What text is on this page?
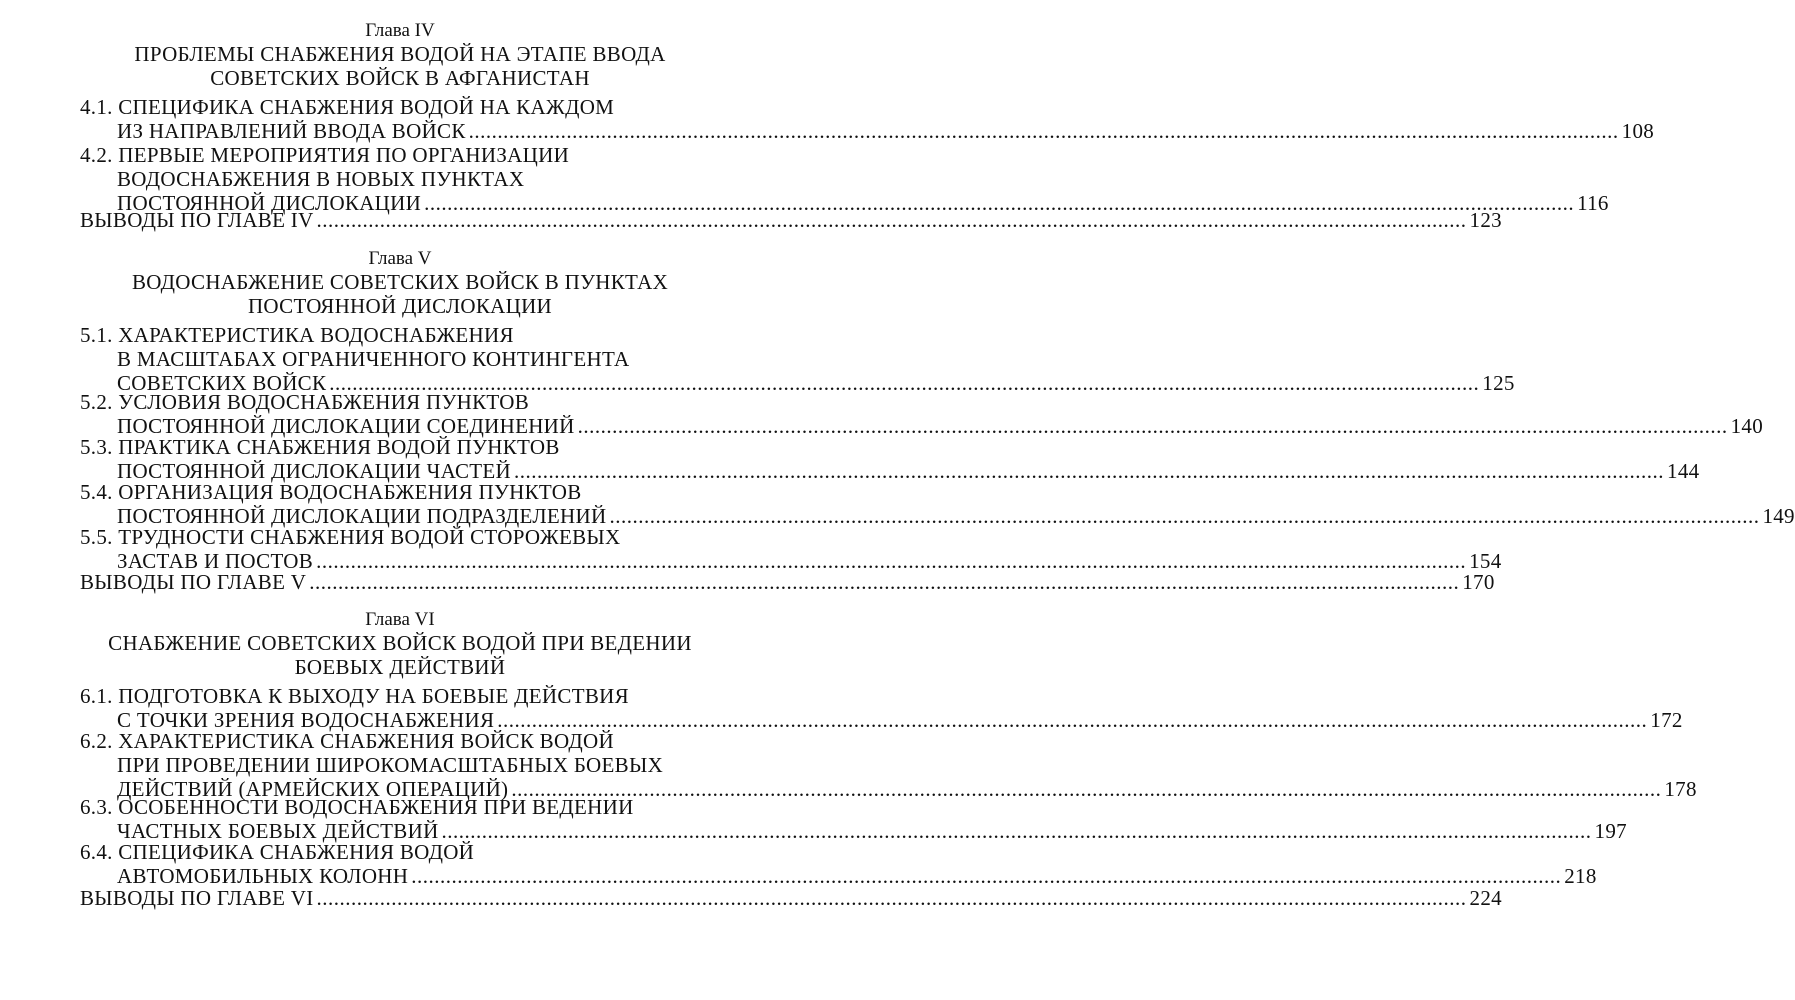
Глава IV
ПРОБЛЕМЫ СНАБЖЕНИЯ ВОДОЙ НА ЭТАПЕ ВВОДА
СОВЕТСКИХ ВОЙСК В АФГАНИСТАН
4.1. СПЕЦИФИКА СНАБЖЕНИЯ ВОДОЙ НА КАЖДОМ
ИЗ НАПРАВЛЕНИЙ ВВОДА ВОЙСК ........................................................................................................................................................................................................ 108
4.2. ПЕРВЫЕ МЕРОПРИЯТИЯ ПО ОРГАНИЗАЦИИ
ВОДОСНАБЖЕНИЯ В НОВЫХ ПУНКТАХ
ПОСТОЯННОЙ ДИСЛОКАЦИИ ........................................................................................................................................................................................................ 116
ВЫВОДЫ ПО ГЛАВЕ IV ........................................................................................................................................................................................................ 123
Глава V
ВОДОСНАБЖЕНИЕ СОВЕТСКИХ ВОЙСК В ПУНКТАХ
ПОСТОЯННОЙ ДИСЛОКАЦИИ
5.1. ХАРАКТЕРИСТИКА ВОДОСНАБЖЕНИЯ
В МАСШТАБАХ ОГРАНИЧЕННОГО КОНТИНГЕНТА
СОВЕТСКИХ ВОЙСК ........................................................................................................................................................................................................ 125
5.2. УСЛОВИЯ ВОДОСНАБЖЕНИЯ ПУНКТОВ
ПОСТОЯННОЙ ДИСЛОКАЦИИ СОЕДИНЕНИЙ ........................................................................................................................................................................................................ 140
5.3. ПРАКТИКА СНАБЖЕНИЯ ВОДОЙ ПУНКТОВ
ПОСТОЯННОЙ ДИСЛОКАЦИИ ЧАСТЕЙ ........................................................................................................................................................................................................ 144
5.4. ОРГАНИЗАЦИЯ ВОДОСНАБЖЕНИЯ ПУНКТОВ
ПОСТОЯННОЙ ДИСЛОКАЦИИ ПОДРАЗДЕЛЕНИЙ ........................................................................................................................................................................................................ 149
5.5. ТРУДНОСТИ СНАБЖЕНИЯ ВОДОЙ СТОРОЖЕВЫХ
ЗАСТАВ И ПОСТОВ ........................................................................................................................................................................................................ 154
ВЫВОДЫ ПО ГЛАВЕ V ........................................................................................................................................................................................................ 170
Глава VI
СНАБЖЕНИЕ СОВЕТСКИХ ВОЙСК ВОДОЙ ПРИ ВЕДЕНИИ
БОЕВЫХ ДЕЙСТВИЙ
6.1. ПОДГОТОВКА К ВЫХОДУ НА БОЕВЫЕ ДЕЙСТВИЯ
С ТОЧКИ ЗРЕНИЯ ВОДОСНАБЖЕНИЯ ........................................................................................................................................................................................................ 172
6.2. ХАРАКТЕРИСТИКА СНАБЖЕНИЯ ВОЙСК ВОДОЙ
ПРИ ПРОВЕДЕНИИ ШИРОКОМАСШТАБНЫХ БОЕВЫХ
ДЕЙСТВИЙ (АРМЕЙСКИХ ОПЕРАЦИЙ) ........................................................................................................................................................................................................ 178
6.3. ОСОБЕННОСТИ ВОДОСНАБЖЕНИЯ ПРИ ВЕДЕНИИ
ЧАСТНЫХ БОЕВЫХ ДЕЙСТВИЙ ........................................................................................................................................................................................................ 197
6.4. СПЕЦИФИКА СНАБЖЕНИЯ ВОДОЙ
АВТОМОБИЛЬНЫХ КОЛОНН ........................................................................................................................................................................................................ 218
ВЫВОДЫ ПО ГЛАВЕ VI ........................................................................................................................................................................................................ 224
